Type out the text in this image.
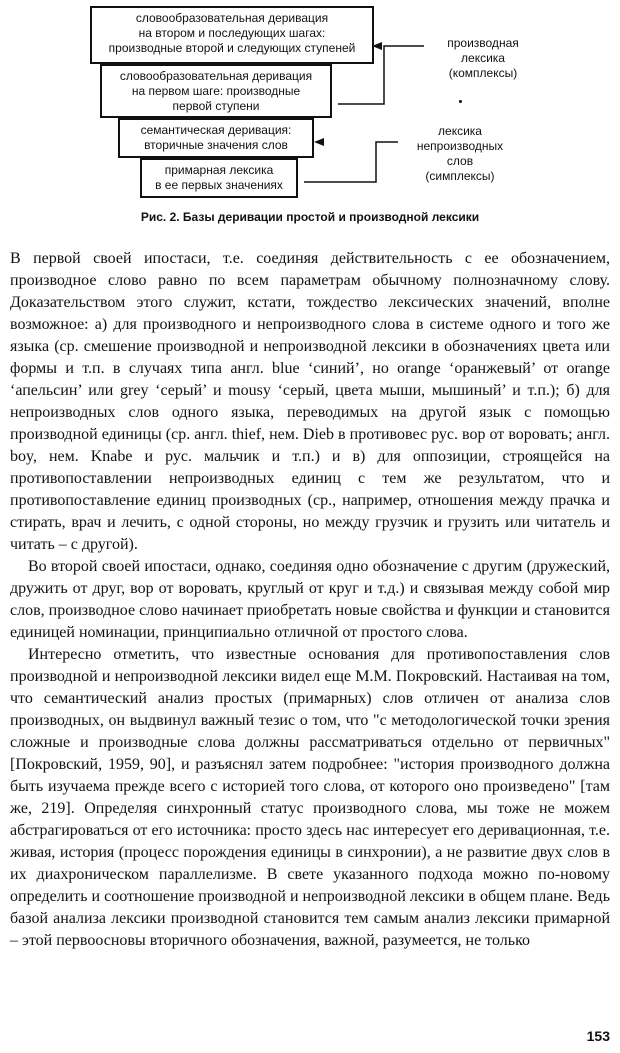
словообразовательная деривация
на втором и последующих шагах:
производные второй и следующих ступеней
словообразовательная деривация
на первом шаге: производные
первой ступени
семантическая деривация:
вторичные значения слов
примарная лексика
в ее первых значениях
производная
лексика
(комплексы)
лексика
непроизводных
слов
(симплексы)
Рис. 2. Базы деривации простой и производной лексики

В первой своей ипостаси, т.е. соединяя действительность с ее обозначением, производное слово равно по всем параметрам обычному полнозначному слову. Доказательством этого служит, кстати, тождество лексических значений, вполне возможное: а) для производного и непроизводного слова в системе одного и того же языка (ср. смешение производной и непроизводной лексики в обозначениях цвета или формы и т.п. в случаях типа англ. blue ‘синий’, но orange ‘оранжевый’ от orange ‘апельсин’ или grey ‘серый’ и mousy ‘серый, цвета мыши, мышиный’ и т.п.); б) для непроизводных слов одного языка, переводимых на другой язык с помощью производной единицы (ср. англ. thief, нем. Dieb в противовес рус. вор от воровать; англ. boy, нем. Knabe и рус. мальчик и т.п.) и в) для оппозиции, строящейся на противопоставлении непроизводных единиц с тем же результатом, что и противопоставление единиц производных (ср., например, отношения между прачка и стирать, врач и лечить, с одной стороны, но между грузчик и грузить или читатель и читать – с другой).

Во второй своей ипостаси, однако, соединяя одно обозначение с другим (дружеский, дружить от друг, вор от воровать, круглый от круг и т.д.) и связывая между собой мир слов, производное слово начинает приобретать новые свойства и функции и становится единицей номинации, принципиально отличной от простого слова.

Интересно отметить, что известные основания для противопоставления слов производной и непроизводной лексики видел еще М.М. Покровский. Настаивая на том, что семантический анализ простых (примарных) слов отличен от анализа слов производных, он выдвинул важный тезис о том, что "с методологической точки зрения сложные и производные слова должны рассматриваться отдельно от первичных" [Покровский, 1959, 90], и разъяснял затем подробнее: "история производного должна быть изучаема прежде всего с историей того слова, от которого оно произведено" [там же, 219]. Определяя синхронный статус производного слова, мы тоже не можем абстрагироваться от его источника: просто здесь нас интересует его деривационная, т.е. живая, история (процесс порождения единицы в синхронии), а не развитие двух слов в их диахроническом параллелизме. В свете указанного подхода можно по-новому определить и соотношение производной и непроизводной лексики в общем плане. Ведь базой анализа лексики производной становится тем самым анализ лексики примарной – этой первоосновы вторичного обозначения, важной, разумеется, не только

153
